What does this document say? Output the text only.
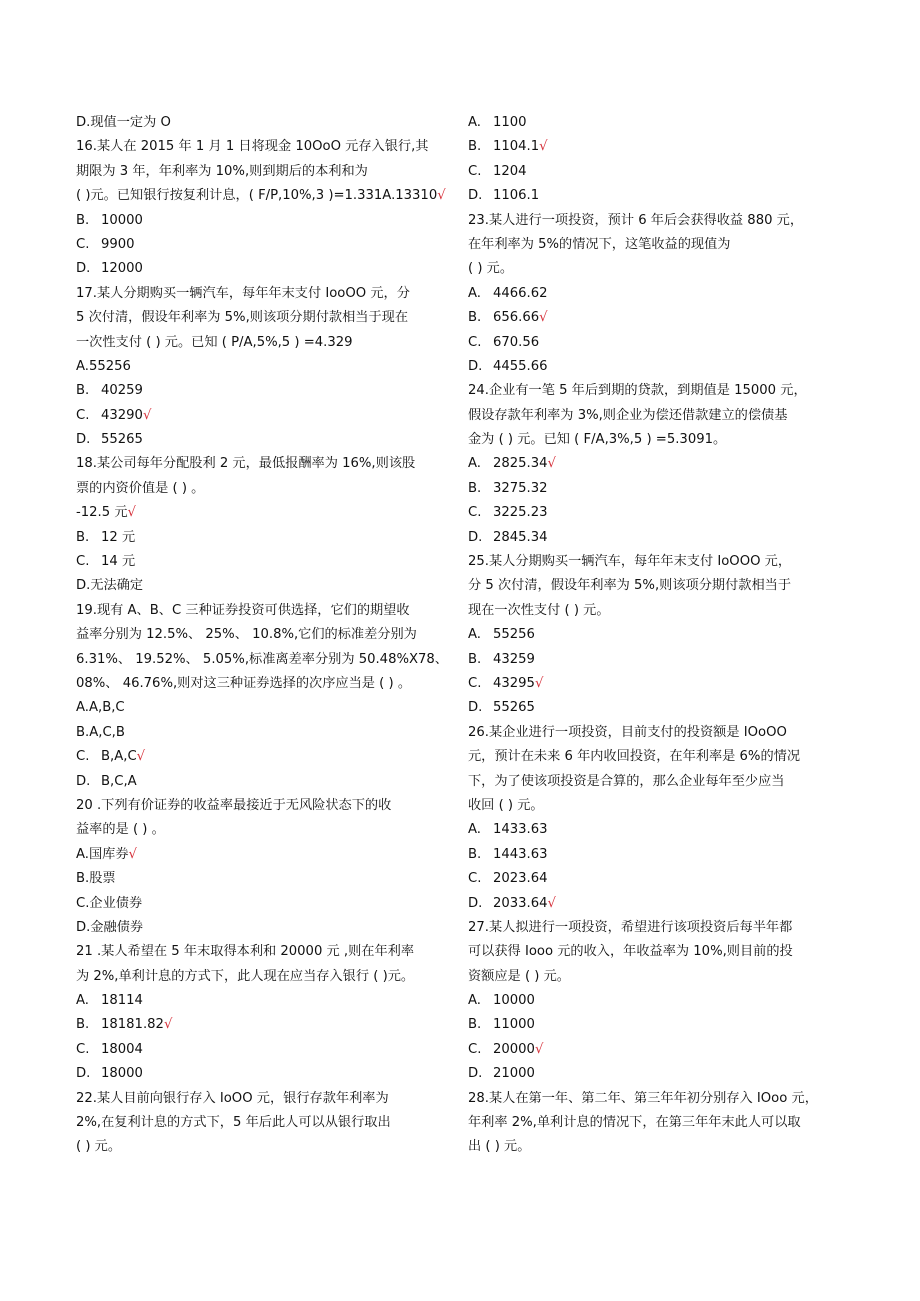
D.现值一定为 O
16.某人在 2015 年 1 月 1 日将现金 10OoO 元存入银行,其
期限为 3 年，年利率为 10%,则到期后的本利和为
( )元。已知银行按复利计息，( F/P,10%,3 )=1.331A.13310√
B. 10000
C. 9900
D. 12000
17.某人分期购买一辆汽车，每年年末支付 IooOO 元，分
5 次付清，假设年利率为 5%,则该项分期付款相当于现在
一次性支付 ( ) 元。已知 ( P/A,5%,5 ) =4.329
A.55256
B. 40259
C. 43290 √
D. 55265
18.某公司每年分配股利 2 元，最低报酬率为 16%,则该股
票的内资价值是 ( ) 。
-12.5 元√
B. 12 元
C. 14 元
D.无法确定
19.现有 A、B、C 三种证券投资可供选择，它们的期望收
益率分别为 12.5%、 25%、 10.8%,它们的标准差分别为
6.31%、 19.52%、 5.05%,标准离差率分别为 50.48%X78、
08%、 46.76%,则对这三种证券选择的次序应当是 ( ) 。
A.A,B,C
B.A,C,B
C. B,A,C √
D. B,C,A
20 .下列有价证券的收益率最接近于无风险状态下的收
益率的是 ( ) 。
A.国库券√
B.股票
C.企业债券
D.金融债券
21 .某人希望在 5 年末取得本利和 20000 元 ,则在年利率
为 2%,单利计息的方式下，此人现在应当存入银行 ( )元。
A. 18114
B. 18181.82 √
C. 18004
D. 18000
22.某人目前向银行存入 IoOO 元，银行存款年利率为
2%,在复利计息的方式下，5 年后此人可以从银行取出
( ) 元。
A. 1100
B. 1104.1 √
C. 1204
D. 1106.1
23.某人进行一项投资，预计 6 年后会获得收益 880 元，
在年利率为 5%的情况下，这笔收益的现值为
( ) 元。
A. 4466.62
B. 656.66 √
C. 670.56
D. 4455.66
24.企业有一笔 5 年后到期的贷款，到期值是 15000 元，
假设存款年利率为 3%,则企业为偿还借款建立的偿债基
金为 ( ) 元。已知 ( F/A,3%,5 ) =5.3091。
A. 2825.34 √
B. 3275.32
C. 3225.23
D. 2845.34
25.某人分期购买一辆汽车，每年年末支付 IoOOO 元，
分 5 次付清，假设年利率为 5%,则该项分期付款相当于
现在一次性支付 ( ) 元。
A. 55256
B. 43259
C. 43295 √
D. 55265
26.某企业进行一项投资，目前支付的投资额是 IOoOO
元，预计在未来 6 年内收回投资，在年利率是 6%的情况
下，为了使该项投资是合算的，那么企业每年至少应当
收回 ( ) 元。
A. 1433.63
B. 1443.63
C. 2023.64
D. 2033.64 √
27.某人拟进行一项投资，希望进行该项投资后每半年都
可以获得 Iooo 元的收入，年收益率为 10%,则目前的投
资额应是 ( ) 元。
A. 10000
B. 11000
C. 20000 √
D. 21000
28.某人在第一年、第二年、第三年年初分别存入 IOoo 元，
年利率 2%,单利计息的情况下，在第三年年末此人可以取
出 ( ) 元。
